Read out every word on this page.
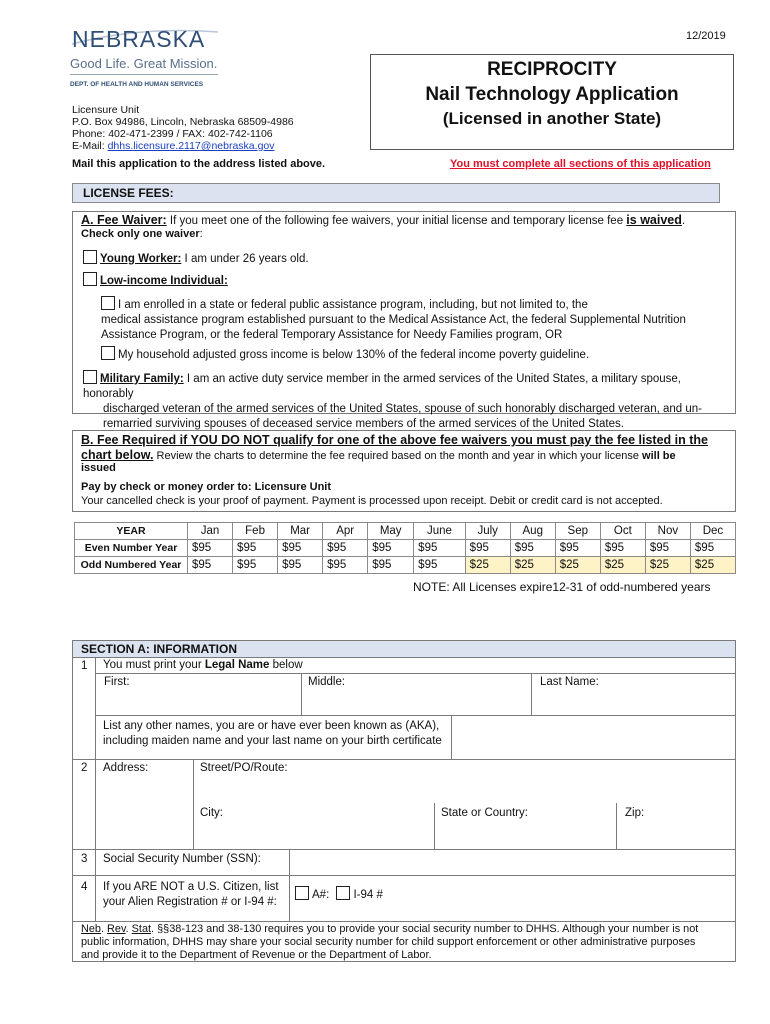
12/2019
NEBRASKA
Good Life. Great Mission.
DEPT. OF HEALTH AND HUMAN SERVICES
Licensure Unit
P.O. Box 94986, Lincoln, Nebraska 68509-4986
Phone: 402-471-2399 / FAX: 402-742-1106
E-Mail: dhhs.licensure.2117@nebraska.gov
Mail this application to the address listed above.
RECIPROCITY
Nail Technology Application
(Licensed in another State)
You must complete all sections of this application
LICENSE FEES:
A. Fee Waiver: If you meet one of the following fee waivers, your initial license and temporary license fee is waived.
Check only one waiver:
Young Worker: I am under 26 years old.
Low-income Individual:
I am enrolled in a state or federal public assistance program, including, but not limited to, the
medical assistance program established pursuant to the Medical Assistance Act, the federal Supplemental Nutrition
Assistance Program, or the federal Temporary Assistance for Needy Families program, OR
My household adjusted gross income is below 130% of the federal income poverty guideline.
Military Family: I am an active duty service member in the armed services of the United States, a military spouse, honorably
discharged veteran of the armed services of the United States, spouse of such honorably discharged veteran, and un-
remarried surviving spouses of deceased service members of the armed services of the United States.
B. Fee Required if YOU DO NOT qualify for one of the above fee waivers you must pay the fee listed in the
chart below. Review the charts to determine the fee required based on the month and year in which your license will be
issued
Pay by check or money order to: Licensure Unit
Your cancelled check is your proof of payment. Payment is processed upon receipt. Debit or credit card is not accepted.
YEAR	Jan	Feb	Mar	Apr	May	June	July	Aug	Sep	Oct	Nov	Dec
Even Number Year	$95	$95	$95	$95	$95	$95	$95	$95	$95	$95	$95	$95
Odd Numbered Year	$95	$95	$95	$95	$95	$95	$25	$25	$25	$25	$25	$25
NOTE: All Licenses expire12-31 of odd-numbered years
SECTION A: INFORMATION
1 You must print your Legal Name below
First:	Middle:	Last Name:
List any other names, you are or have ever been known as (AKA),
including maiden name and your last name on your birth certificate
2 Address:	Street/PO/Route:
City:	State or Country:	Zip:
3 Social Security Number (SSN):
4 If you ARE NOT a U.S. Citizen, list
your Alien Registration # or I-94 #:
A#: I-94 #
Neb. Rev. Stat. §§38-123 and 38-130 requires you to provide your social security number to DHHS. Although your number is not
public information, DHHS may share your social security number for child support enforcement or other administrative purposes
and provide it to the Department of Revenue or the Department of Labor.
